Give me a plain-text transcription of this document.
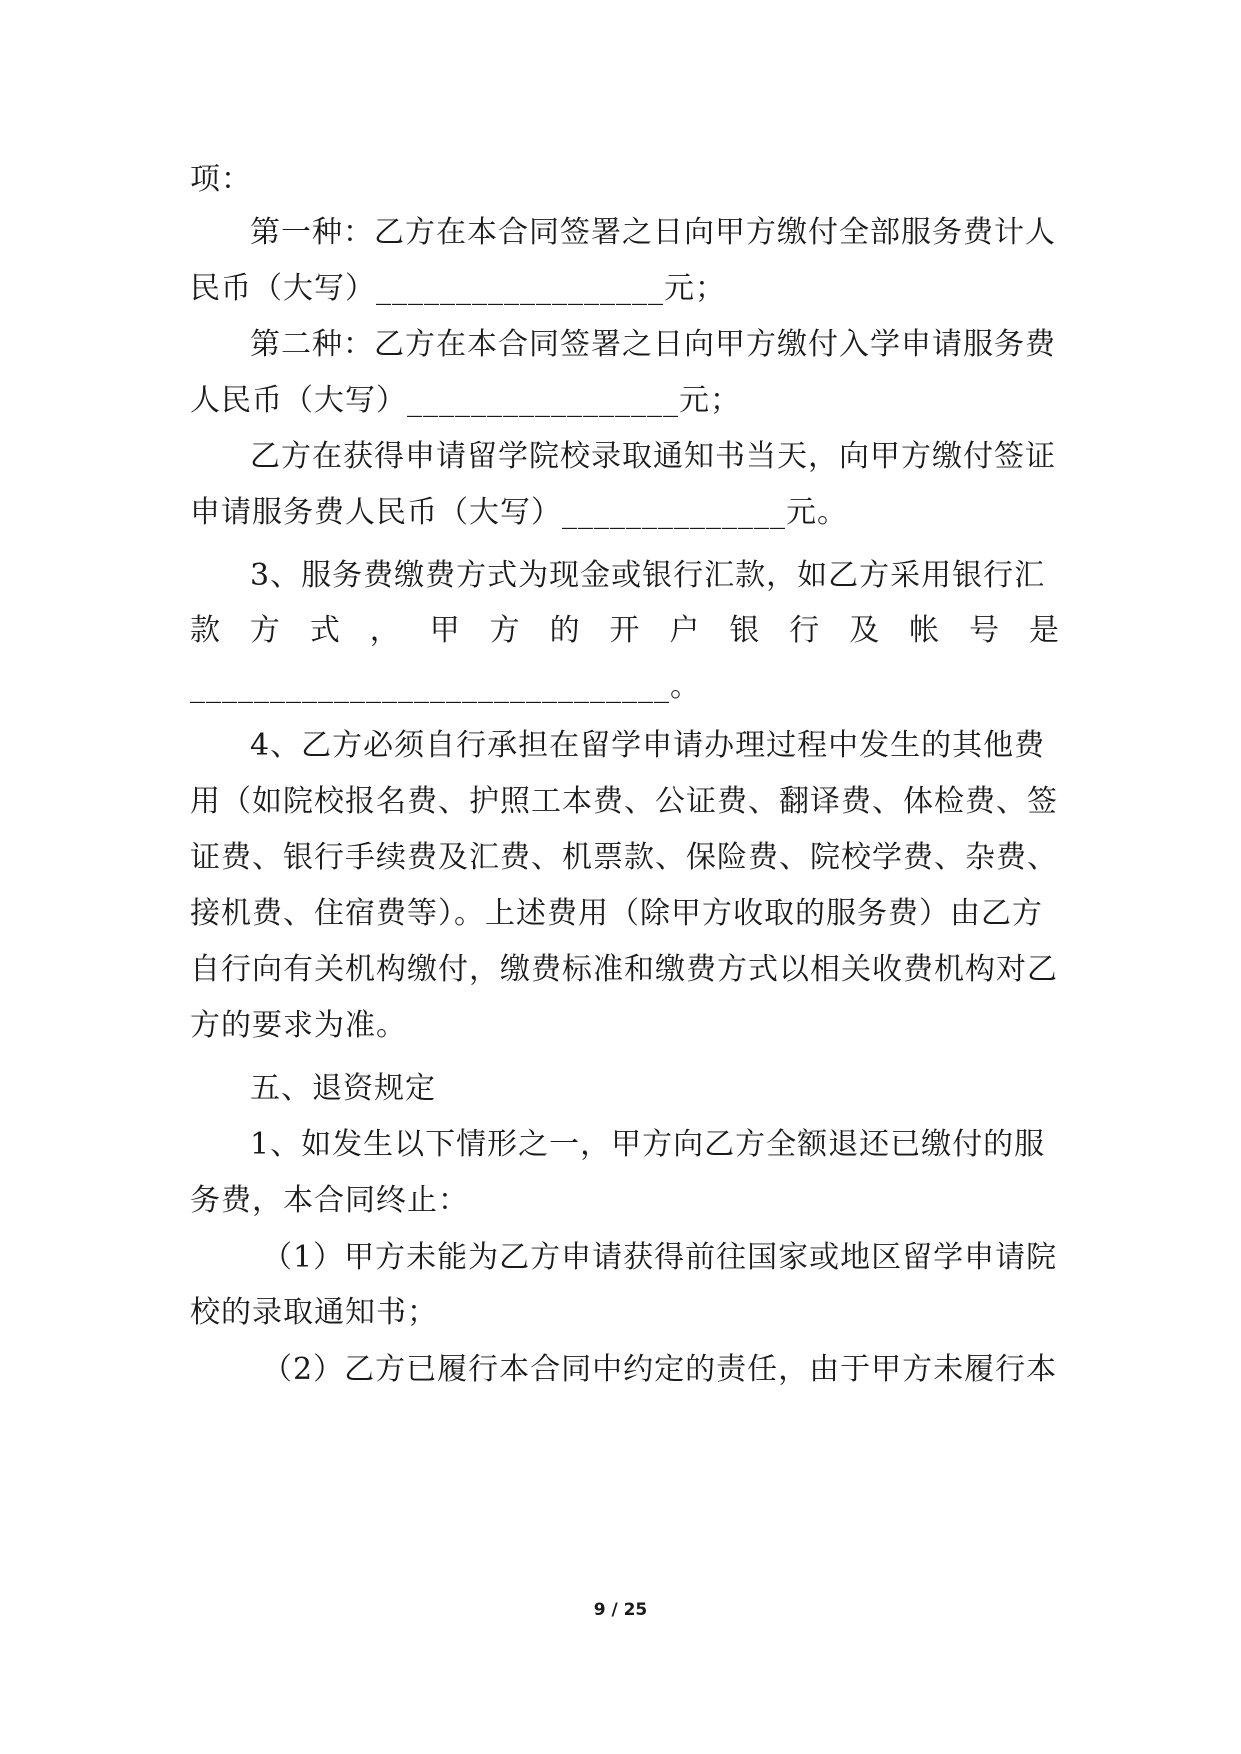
项：
第一种：乙方在本合同签署之日向甲方缴付全部服务费计人
民币（大写）__________________元；
第二种：乙方在本合同签署之日向甲方缴付入学申请服务费
人民币（大写）_________________元；
乙方在获得申请留学院校录取通知书当天，向甲方缴付签证
申请服务费人民币（大写）______________元。
3、服务费缴费方式为现金或银行汇款，如乙方采用银行汇
款 方 式 ， 甲 方 的 开 户 银 行 及 帐 号 是
______________________________。
4、乙方必须自行承担在留学申请办理过程中发生的其他费
用（如院校报名费、护照工本费、公证费、翻译费、体检费、签
证费、银行手续费及汇费、机票款、保险费、院校学费、杂费、
接机费、住宿费等）。上述费用（除甲方收取的服务费）由乙方
自行向有关机构缴付，缴费标准和缴费方式以相关收费机构对乙
方的要求为准。
五、退资规定
1、如发生以下情形之一，甲方向乙方全额退还已缴付的服
务费，本合同终止：
（1）甲方未能为乙方申请获得前往国家或地区留学申请院
校的录取通知书；
（2）乙方已履行本合同中约定的责任，由于甲方未履行本
9 / 25
